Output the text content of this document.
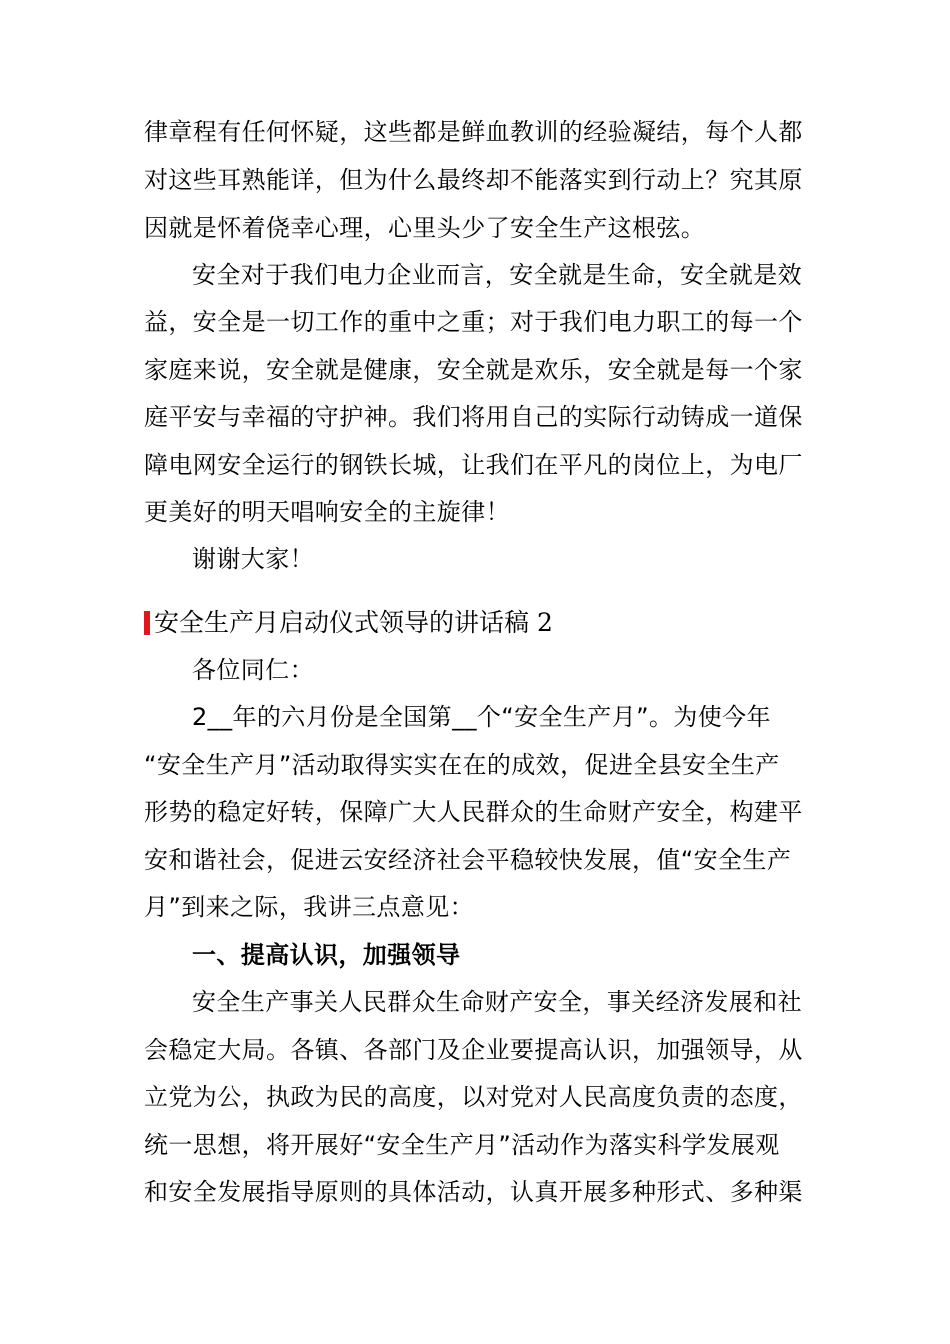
律章程有任何怀疑，这些都是鲜血教训的经验凝结，每个人都
对这些耳熟能详，但为什么最终却不能落实到行动上？究其原
因就是怀着侥幸心理，心里头少了安全生产这根弦。
安全对于我们电力企业而言，安全就是生命，安全就是效
益，安全是一切工作的重中之重；对于我们电力职工的每一个
家庭来说，安全就是健康，安全就是欢乐，安全就是每一个家
庭平安与幸福的守护神。我们将用自己的实际行动铸成一道保
障电网安全运行的钢铁长城，让我们在平凡的岗位上，为电厂
更美好的明天唱响安全的主旋律！
谢谢大家！
安全生产月启动仪式领导的讲话稿 2
各位同仁：
2__年的六月份是全国第__个“安全生产月”。为使今年
“安全生产月”活动取得实实在在的成效，促进全县安全生产
形势的稳定好转，保障广大人民群众的生命财产安全，构建平
安和谐社会，促进云安经济社会平稳较快发展，值“安全生产
月”到来之际，我讲三点意见：
一、提高认识，加强领导
安全生产事关人民群众生命财产安全，事关经济发展和社
会稳定大局。各镇、各部门及企业要提高认识，加强领导，从
立党为公，执政为民的高度，以对党对人民高度负责的态度，
统一思想，将开展好“安全生产月”活动作为落实科学发展观
和安全发展指导原则的具体活动，认真开展多种形式、多种渠
